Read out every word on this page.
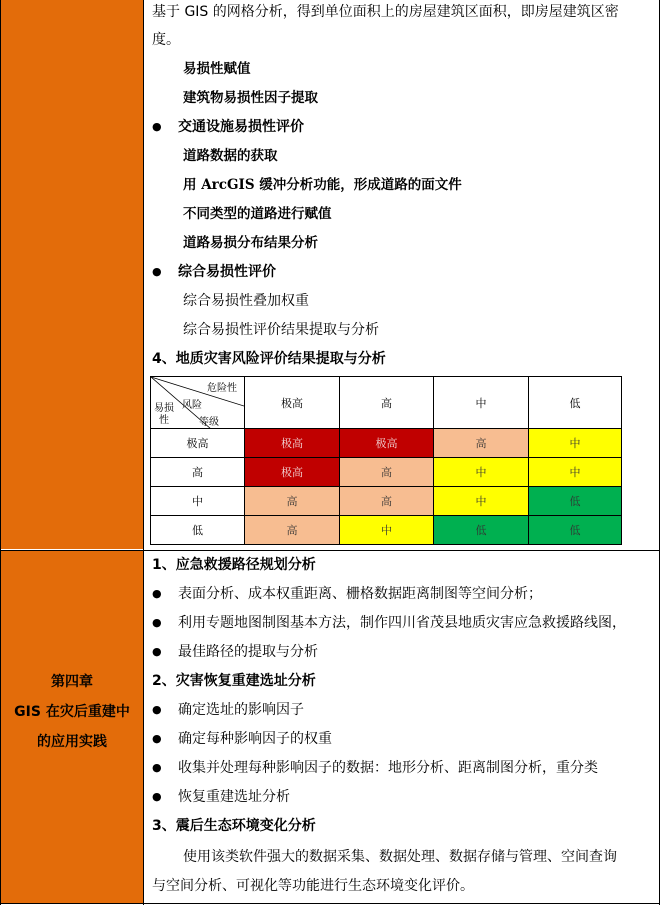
基于 GIS 的网格分析，得到单位面积上的房屋建筑区面积，即房屋建筑区密
度。
易损性赋值
建筑物易损性因子提取
● 交通设施易损性评价
道路数据的获取
用 ArcGIS 缓冲分析功能，形成道路的面文件
不同类型的道路进行赋值
道路易损分布结果分析
● 综合易损性评价
综合易损性叠加权重
综合易损性评价结果提取与分析
4、地质灾害风险评价结果提取与分析
危险性
风险
等级
易损性	极高	高	中	低
极高	极高	极高	高	中
高	极高	高	中	中
中	高	高	中	低
低	高	中	低	低
第四章
GIS 在灾后重建中
的应用实践
1、应急救援路径规划分析
● 表面分析、成本权重距离、栅格数据距离制图等空间分析；
● 利用专题地图制图基本方法，制作四川省茂县地质灾害应急救援路线图，
● 最佳路径的提取与分析
2、灾害恢复重建选址分析
● 确定选址的影响因子
● 确定每种影响因子的权重
● 收集并处理每种影响因子的数据：地形分析、距离制图分析，重分类
● 恢复重建选址分析
3、震后生态环境变化分析
使用该类软件强大的数据采集、数据处理、数据存储与管理、空间查询
与空间分析、可视化等功能进行生态环境变化评价。
